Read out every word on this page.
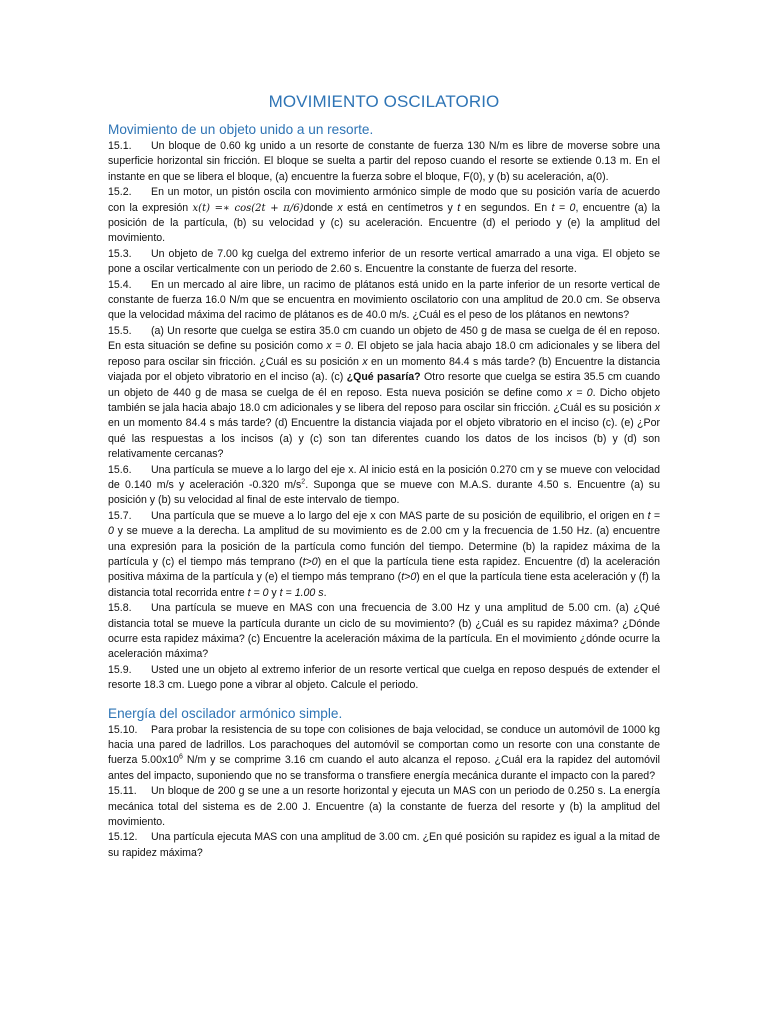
MOVIMIENTO OSCILATORIO
Movimiento de un objeto unido a un resorte.

15.1. Un bloque de 0.60 kg unido a un resorte de constante de fuerza 130 N/m es libre de moverse sobre una superficie horizontal sin fricción. El bloque se suelta a partir del reposo cuando el resorte se extiende 0.13 m. En el instante en que se libera el bloque, (a) encuentre la fuerza sobre el bloque, F(0), y (b) su aceleración, a(0).

15.2. En un motor, un pistón oscila con movimiento armónico simple de modo que su posición varía de acuerdo con la expresión x(t) =∗ cos(2t + π/6)donde x está en centímetros y t en segundos. En t = 0, encuentre (a) la posición de la partícula, (b) su velocidad y (c) su aceleración. Encuentre (d) el periodo y (e) la amplitud del movimiento.

15.3. Un objeto de 7.00 kg cuelga del extremo inferior de un resorte vertical amarrado a una viga. El objeto se pone a oscilar verticalmente con un periodo de 2.60 s. Encuentre la constante de fuerza del resorte.

15.4. En un mercado al aire libre, un racimo de plátanos está unido en la parte inferior de un resorte vertical de constante de fuerza 16.0 N/m que se encuentra en movimiento oscilatorio con una amplitud de 20.0 cm. Se observa que la velocidad máxima del racimo de plátanos es de 40.0 m/s. ¿Cuál es el peso de los plátanos en newtons?

15.5. (a) Un resorte que cuelga se estira 35.0 cm cuando un objeto de 450 g de masa se cuelga de él en reposo. En esta situación se define su posición como x = 0. El objeto se jala hacia abajo 18.0 cm adicionales y se libera del reposo para oscilar sin fricción. ¿Cuál es su posición x en un momento 84.4 s más tarde? (b) Encuentre la distancia viajada por el objeto vibratorio en el inciso (a). (c) ¿Qué pasaría? Otro resorte que cuelga se estira 35.5 cm cuando un objeto de 440 g de masa se cuelga de él en reposo. Esta nueva posición se define como x = 0. Dicho objeto también se jala hacia abajo 18.0 cm adicionales y se libera del reposo para oscilar sin fricción. ¿Cuál es su posición x en un momento 84.4 s más tarde? (d) Encuentre la distancia viajada por el objeto vibratorio en el inciso (c). (e) ¿Por qué las respuestas a los incisos (a) y (c) son tan diferentes cuando los datos de los incisos (b) y (d) son relativamente cercanas?

15.6. Una partícula se mueve a lo largo del eje x. Al inicio está en la posición 0.270 cm y se mueve con velocidad de 0.140 m/s y aceleración -0.320 $m/s^2$. Suponga que se mueve con M.A.S. durante 4.50 s. Encuentre (a) su posición y (b) su velocidad al final de este intervalo de tiempo.

15.7. Una partícula que se mueve a lo largo del eje x con MAS parte de su posición de equilibrio, el origen en t = 0 y se mueve a la derecha. La amplitud de su movimiento es de 2.00 cm y la frecuencia de 1.50 Hz. (a) encuentre una expresión para la posición de la partícula como función del tiempo. Determine (b) la rapidez máxima de la partícula y (c) el tiempo más temprano (t>0) en el que la partícula tiene esta rapidez. Encuentre (d) la aceleración positiva máxima de la partícula y (e) el tiempo más temprano (t>0) en el que la partícula tiene esta aceleración y (f) la distancia total recorrida entre t = 0 y t = 1.00 s.

15.8. Una partícula se mueve en MAS con una frecuencia de 3.00 Hz y una amplitud de 5.00 cm. (a) ¿Qué distancia total se mueve la partícula durante un ciclo de su movimiento? (b) ¿Cuál es su rapidez máxima? ¿Dónde ocurre esta rapidez máxima? (c) Encuentre la aceleración máxima de la partícula. En el movimiento ¿dónde ocurre la aceleración máxima?

15.9. Usted une un objeto al extremo inferior de un resorte vertical que cuelga en reposo después de extender el resorte 18.3 cm. Luego pone a vibrar al objeto. Calcule el periodo.

Energía del oscilador armónico simple.

15.10. Para probar la resistencia de su tope con colisiones de baja velocidad, se conduce un automóvil de 1000 kg hacia una pared de ladrillos. Los parachoques del automóvil se comportan como un resorte con una constante de fuerza $5.00x10^6$ N/m y se comprime 3.16 cm cuando el auto alcanza el reposo. ¿Cuál era la rapidez del automóvil antes del impacto, suponiendo que no se transforma o transfiere energía mecánica durante el impacto con la pared?

15.11. Un bloque de 200 g se une a un resorte horizontal y ejecuta un MAS con un periodo de 0.250 s. La energía mecánica total del sistema es de 2.00 J. Encuentre (a) la constante de fuerza del resorte y (b) la amplitud del movimiento.

15.12. Una partícula ejecuta MAS con una amplitud de 3.00 cm. ¿En qué posición su rapidez es igual a la mitad de su rapidez máxima?
